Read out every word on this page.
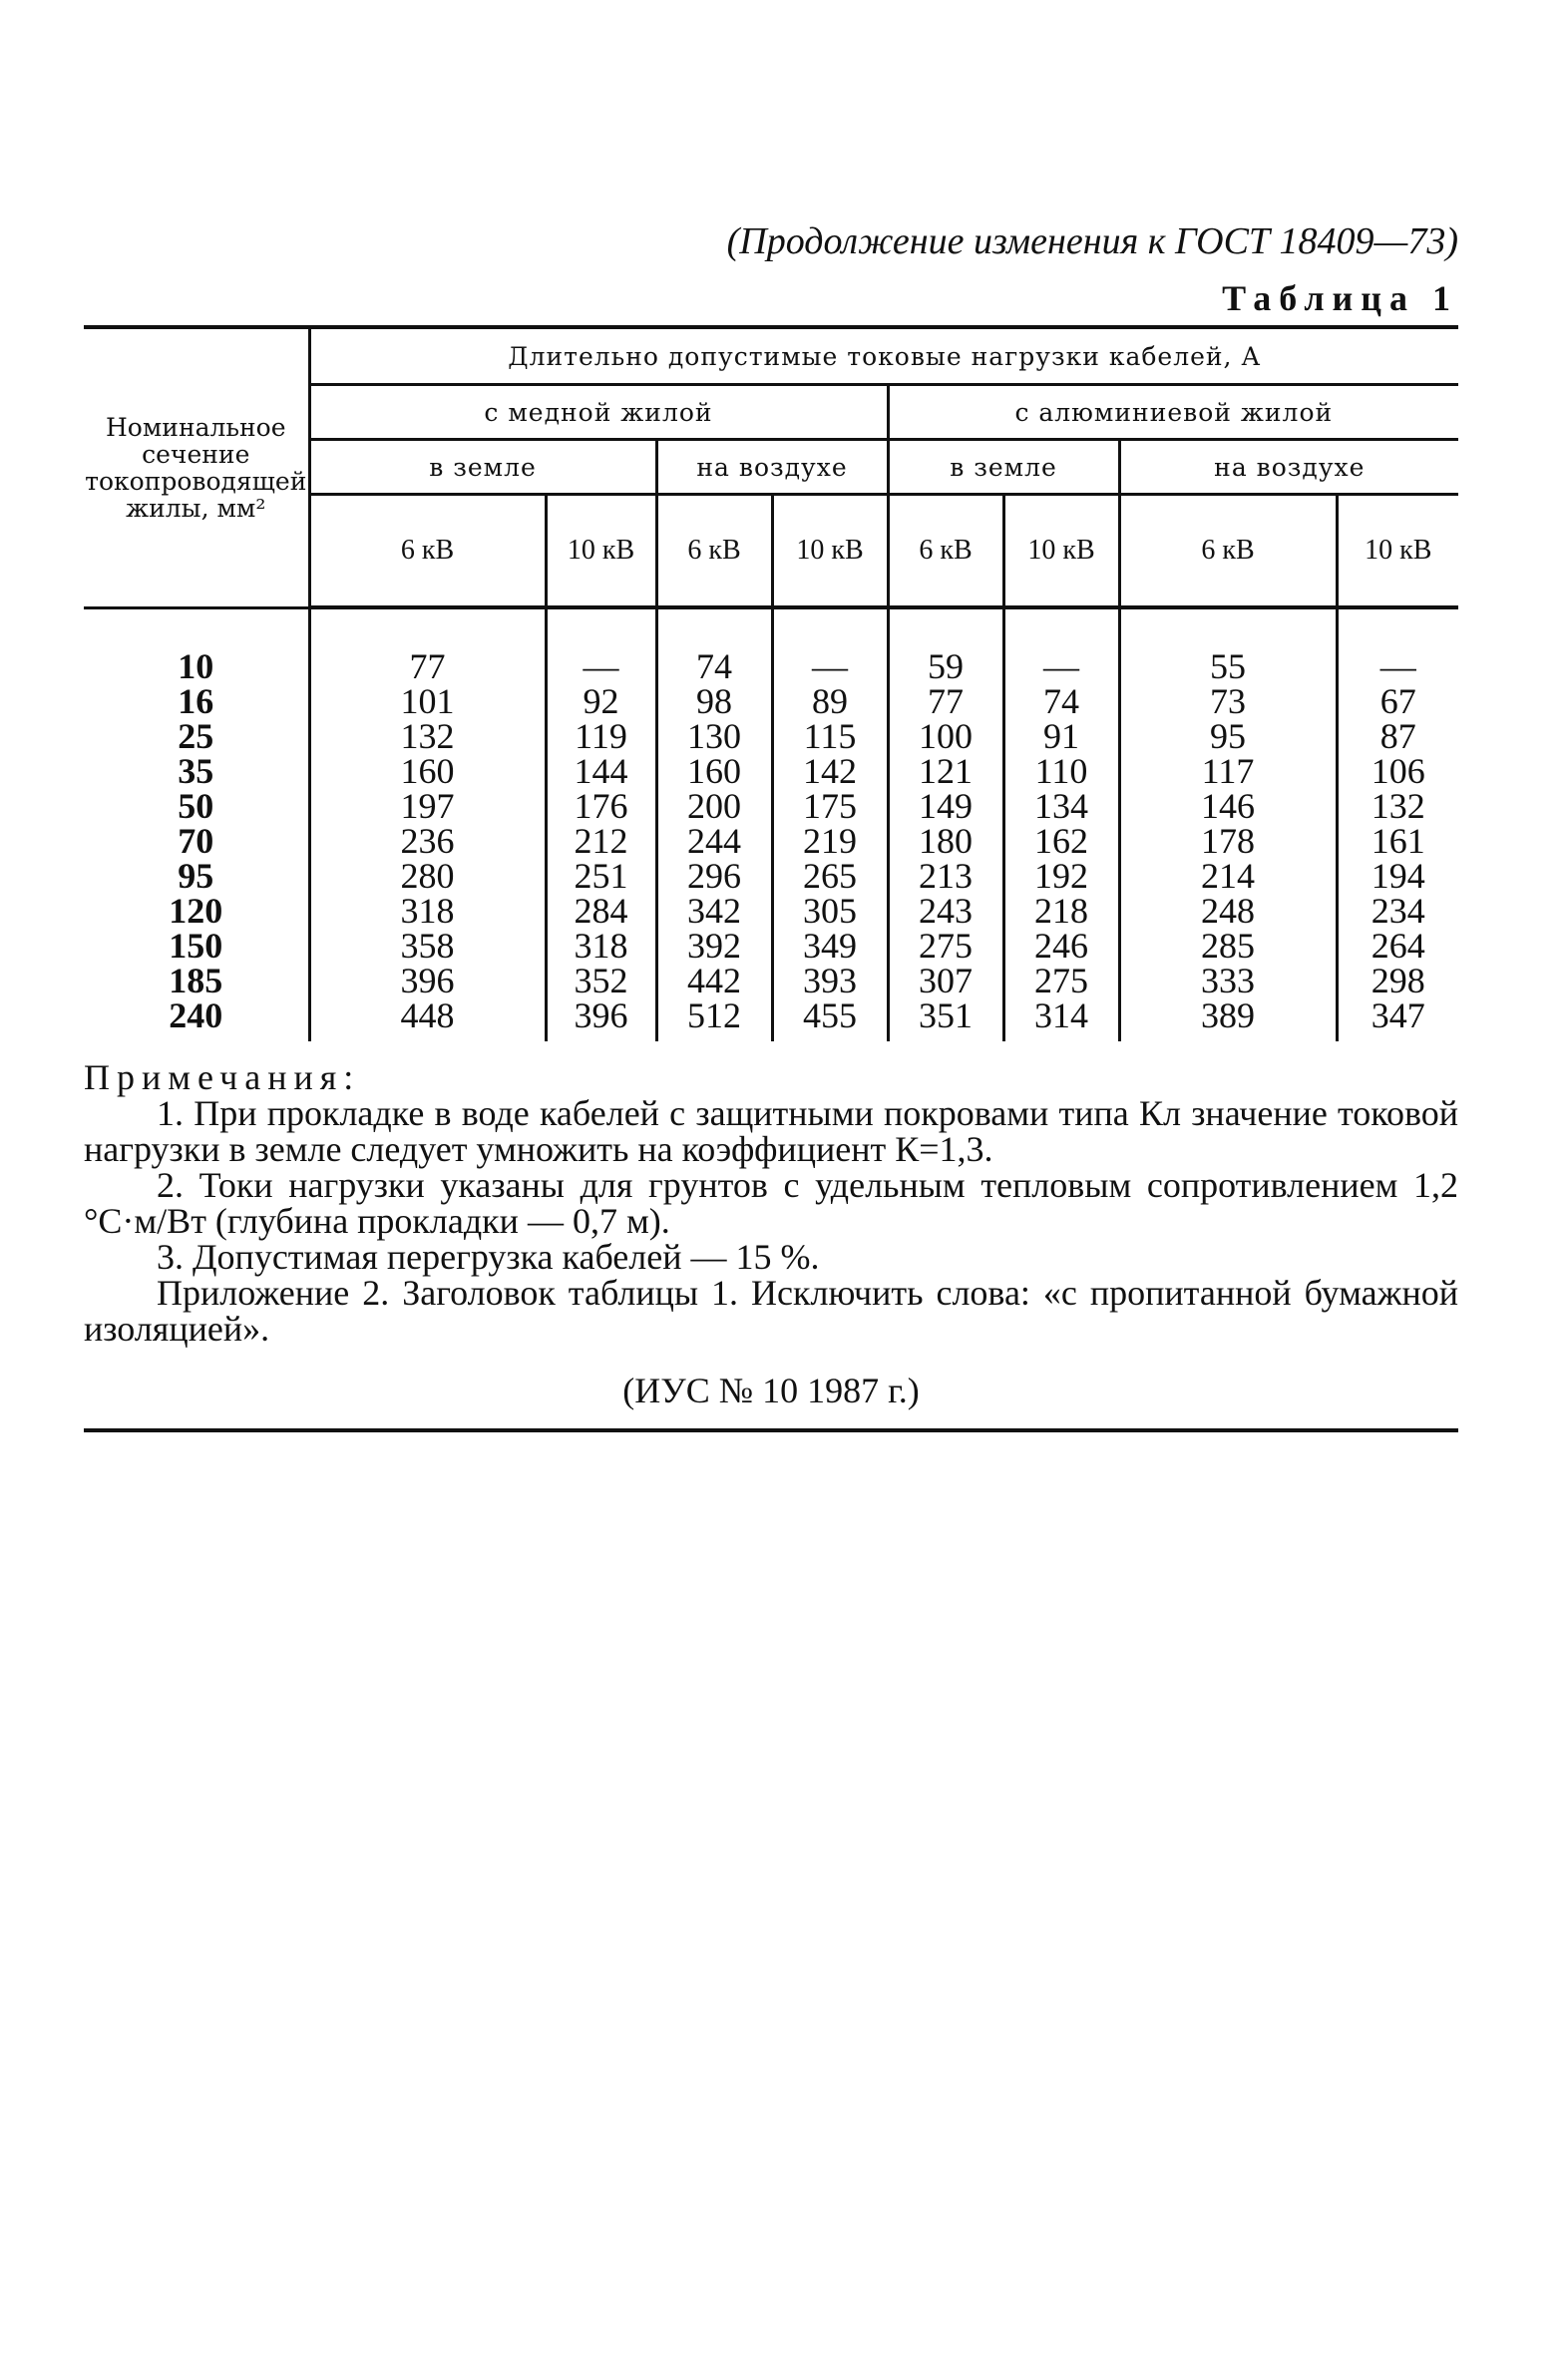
(Продолжение изменения к ГОСТ 18409—73)
Таблица 1
Номинальное сечение токопроводящей жилы, мм²	Длительно допустимые токовые нагрузки кабелей, А							
	с медной жилой				с алюминиевой жилой			
	в земле		на воздухе		в земле		на воздухе	
	6 кВ	10 кВ	6 кВ	10 кВ	6 кВ	10 кВ	6 кВ	10 кВ
10	77	—	74	—	59	—	55	—
16	101	92	98	89	77	74	73	67
25	132	119	130	115	100	91	95	87
35	160	144	160	142	121	110	117	106
50	197	176	200	175	149	134	146	132
70	236	212	244	219	180	162	178	161
95	280	251	296	265	213	192	214	194
120	318	284	342	305	243	218	248	234
150	358	318	392	349	275	246	285	264
185	396	352	442	393	307	275	333	298
240	448	396	512	455	351	314	389	347

Примечания:

1. При прокладке в воде кабелей с защитными покровами типа Кл значение токовой нагрузки в земле следует умножить на коэффициент К=1,3.

2. Токи нагрузки указаны для грунтов с удельным тепловым сопротивлением 1,2 °С·м/Вт (глубина прокладки — 0,7 м).

3. Допустимая перегрузка кабелей — 15 %.

Приложение 2. Заголовок таблицы 1. Исключить слова: «с пропитанной бумажной изоляцией».

(ИУС № 10 1987 г.)
